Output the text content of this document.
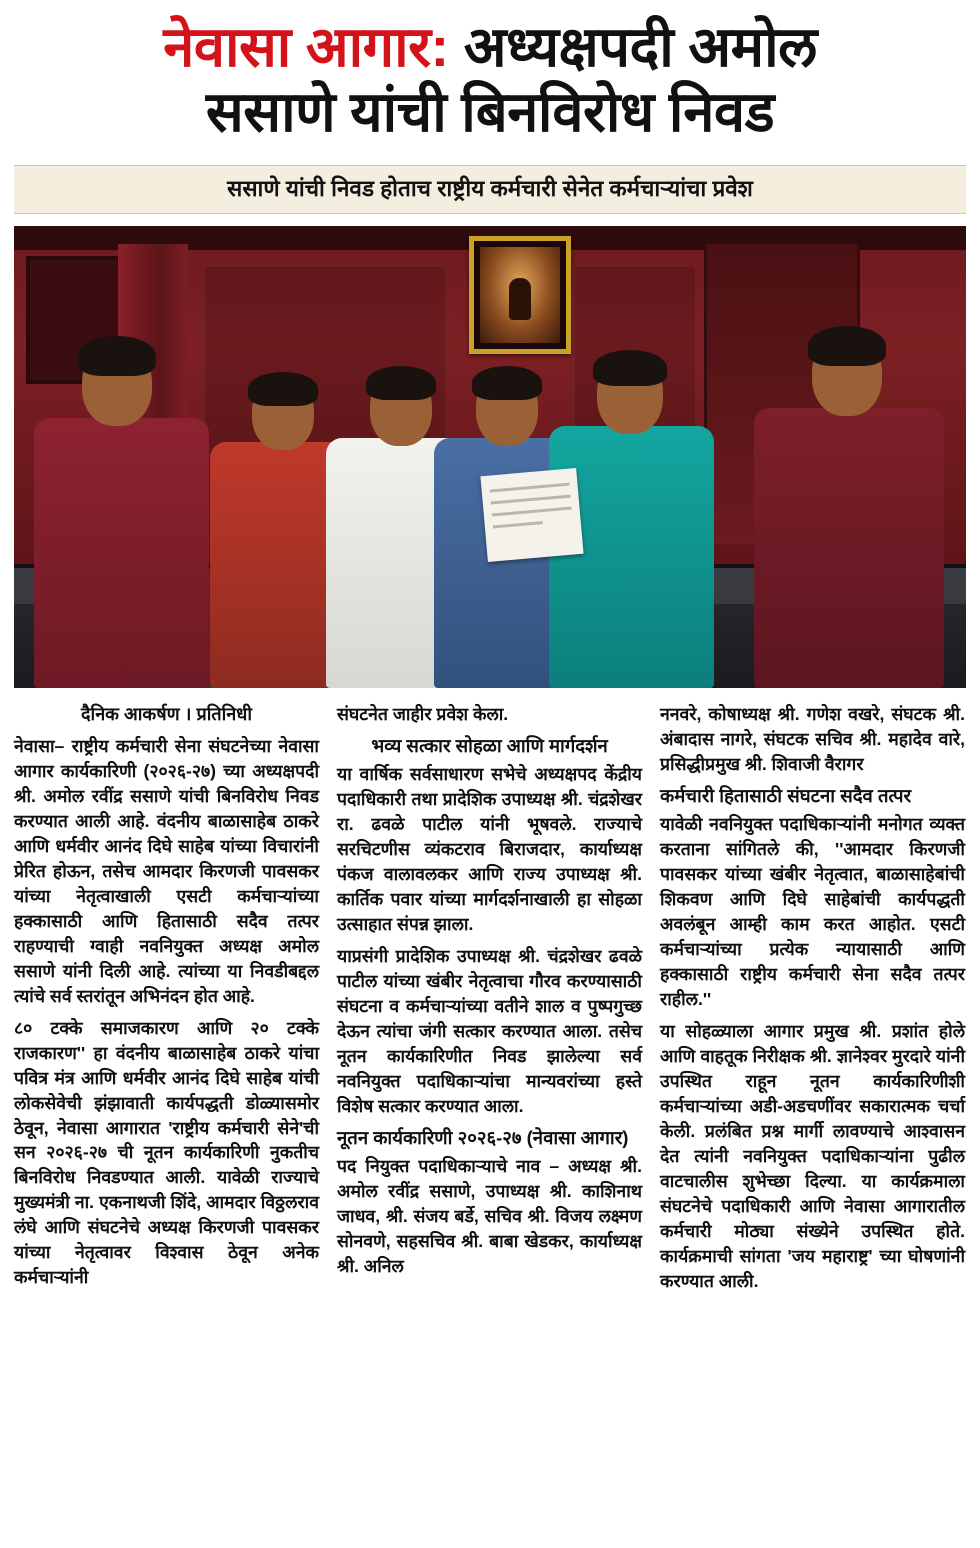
नेवासा आगार: अध्यक्षपदी अमोल
ससाणे यांची बिनविरोध निवड
ससाणे यांची निवड होताच राष्ट्रीय कर्मचारी सेनेत कर्मचाऱ्यांचा प्रवेश
दैनिक आकर्षण । प्रतिनिधी

नेवासा– राष्ट्रीय कर्मचारी सेना संघटनेच्या नेवासा आगार कार्यकारिणी (२०२६-२७) च्या अध्यक्षपदी श्री. अमोल रवींद्र ससाणे यांची बिनविरोध निवड करण्यात आली आहे. वंदनीय बाळासाहेब ठाकरे आणि धर्मवीर आनंद दिघे साहेब यांच्या विचारांनी प्रेरित होऊन, तसेच आमदार किरणजी पावसकर यांच्या नेतृत्वाखाली एसटी कर्मचाऱ्यांच्या हक्कासाठी आणि हितासाठी सदैव तत्पर राहण्याची ग्वाही नवनियुक्त अध्यक्ष अमोल ससाणे यांनी दिली आहे. त्यांच्या या निवडीबद्दल त्यांचे सर्व स्तरांतून अभिनंदन होत आहे.

८० टक्के समाजकारण आणि २० टक्के राजकारण'' हा वंदनीय बाळासाहेब ठाकरे यांचा पवित्र मंत्र आणि धर्मवीर आनंद दिघे साहेब यांची लोकसेवेची झंझावाती कार्यपद्धती डोळ्यासमोर ठेवून, नेवासा आगारात 'राष्ट्रीय कर्मचारी सेने'ची सन २०२६-२७ ची नूतन कार्यकारिणी नुकतीच बिनविरोध निवडण्यात आली. यावेळी राज्याचे मुख्यमंत्री ना. एकनाथजी शिंदे, आमदार विठ्ठलराव लंघे आणि संघटनेचे अध्यक्ष किरणजी पावसकर यांच्या नेतृत्वावर विश्वास ठेवून अनेक कर्मचाऱ्यांनी

संघटनेत जाहीर प्रवेश केला.

भव्य सत्कार सोहळा आणि मार्गदर्शन

या वार्षिक सर्वसाधारण सभेचे अध्यक्षपद केंद्रीय पदाधिकारी तथा प्रादेशिक उपाध्यक्ष श्री. चंद्रशेखर रा. ढवळे पाटील यांनी भूषवले. राज्याचे सरचिटणीस व्यंकटराव बिराजदार, कार्याध्यक्ष पंकज वालावलकर आणि राज्य उपाध्यक्ष श्री. कार्तिक पवार यांच्या मार्गदर्शनाखाली हा सोहळा उत्साहात संपन्न झाला.

याप्रसंगी प्रादेशिक उपाध्यक्ष श्री. चंद्रशेखर ढवळे पाटील यांच्या खंबीर नेतृत्वाचा गौरव करण्यासाठी संघटना व कर्मचाऱ्यांच्या वतीने शाल व पुष्पगुच्छ देऊन त्यांचा जंगी सत्कार करण्यात आला. तसेच नूतन कार्यकारिणीत निवड झालेल्या सर्व नवनियुक्त पदाधिकाऱ्यांचा मान्यवरांच्या हस्ते विशेष सत्कार करण्यात आला.

नूतन कार्यकारिणी २०२६-२७ (नेवासा आगार)

पद नियुक्त पदाधिकाऱ्याचे नाव – अध्यक्ष श्री. अमोल रवींद्र ससाणे, उपाध्यक्ष श्री. काशिनाथ जाधव, श्री. संजय बर्डे, सचिव श्री. विजय लक्ष्मण सोनवणे, सहसचिव श्री. बाबा खेडकर, कार्याध्यक्ष श्री. अनिल

ननवरे, कोषाध्यक्ष श्री. गणेश वखरे, संघटक श्री. अंबादास नागरे, संघटक सचिव श्री. महादेव वारे, प्रसिद्धीप्रमुख श्री. शिवाजी वैरागर

कर्मचारी हितासाठी संघटना सदैव तत्पर

यावेळी नवनियुक्त पदाधिकाऱ्यांनी मनोगत व्यक्त करताना सांगितले की, ''आमदार किरणजी पावसकर यांच्या खंबीर नेतृत्वात, बाळासाहेबांची शिकवण आणि दिघे साहेबांची कार्यपद्धती अवलंबून आम्ही काम करत आहोत. एसटी कर्मचाऱ्यांच्या प्रत्येक न्यायासाठी आणि हक्कासाठी राष्ट्रीय कर्मचारी सेना सदैव तत्पर राहील.''

या सोहळ्याला आगार प्रमुख श्री. प्रशांत होले आणि वाहतूक निरीक्षक श्री. ज्ञानेश्वर मुरदारे यांनी उपस्थित राहून नूतन कार्यकारिणीशी कर्मचाऱ्यांच्या अडी-अडचणींवर सकारात्मक चर्चा केली. प्रलंबित प्रश्न मार्गी लावण्याचे आश्वासन देत त्यांनी नवनियुक्त पदाधिकाऱ्यांना पुढील वाटचालीस शुभेच्छा दिल्या. या कार्यक्रमाला संघटनेचे पदाधिकारी आणि नेवासा आगारातील कर्मचारी मोठ्या संख्येने उपस्थित होते. कार्यक्रमाची सांगता 'जय महाराष्ट्र' च्या घोषणांनी करण्यात आली.
